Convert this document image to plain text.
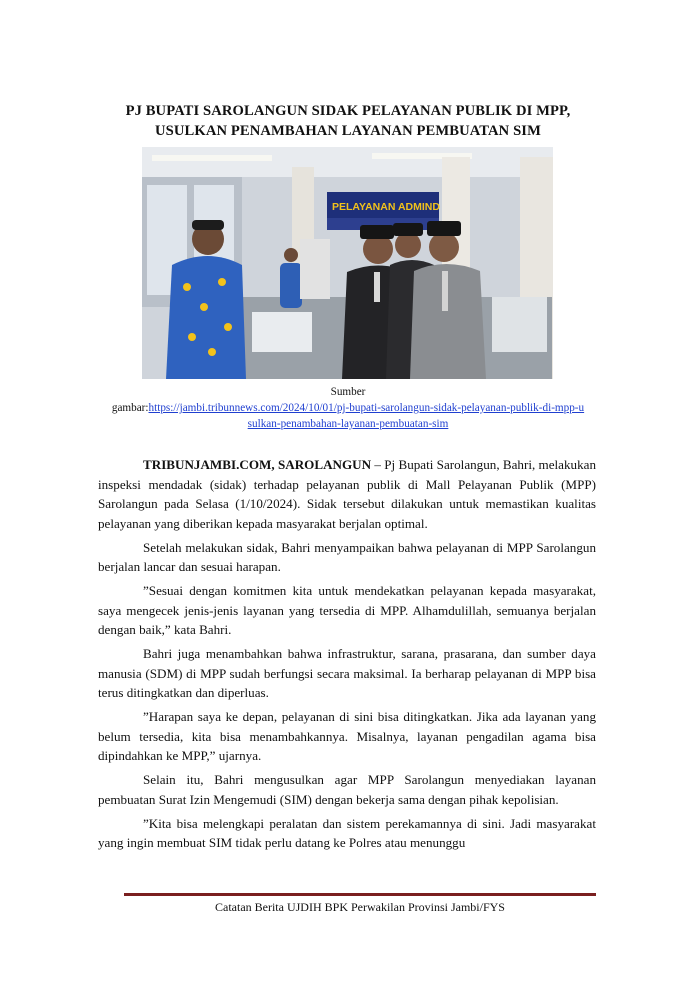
PJ BUPATI SAROLANGUN SIDAK PELAYANAN PUBLIK DI MPP,
USULKAN PENAMBAHAN LAYANAN PEMBUATAN SIM
PELAYANAN ADMIND
Sumber
gambar:https://jambi.tribunnews.com/2024/10/01/pj-bupati-sarolangun-sidak-pelayanan-publik-di-mpp-u
sulkan-penambahan-layanan-pembuatan-sim

TRIBUNJAMBI.COM, SAROLANGUN – Pj Bupati Sarolangun, Bahri, melakukan inspeksi mendadak (sidak) terhadap pelayanan publik di Mall Pelayanan Publik (MPP) Sarolangun pada Selasa (1/10/2024). Sidak tersebut dilakukan untuk memastikan kualitas pelayanan yang diberikan kepada masyarakat berjalan optimal.

Setelah melakukan sidak, Bahri menyampaikan bahwa pelayanan di MPP Sarolangun berjalan lancar dan sesuai harapan.

”Sesuai dengan komitmen kita untuk mendekatkan pelayanan kepada masyarakat, saya mengecek jenis-jenis layanan yang tersedia di MPP. Alhamdulillah, semuanya berjalan dengan baik,” kata Bahri.

Bahri juga menambahkan bahwa infrastruktur, sarana, prasarana, dan sumber daya manusia (SDM) di MPP sudah berfungsi secara maksimal. Ia berharap pelayanan di MPP bisa terus ditingkatkan dan diperluas.

”Harapan saya ke depan, pelayanan di sini bisa ditingkatkan. Jika ada layanan yang belum tersedia, kita bisa menambahkannya. Misalnya, layanan pengadilan agama bisa dipindahkan ke MPP,” ujarnya.

Selain itu, Bahri mengusulkan agar MPP Sarolangun menyediakan layanan pembuatan Surat Izin Mengemudi (SIM) dengan bekerja sama dengan pihak kepolisian.

”Kita bisa melengkapi peralatan dan sistem perekamannya di sini. Jadi masyarakat yang ingin membuat SIM tidak perlu datang ke Polres atau menunggu

Catatan Berita UJDIH BPK Perwakilan Provinsi Jambi/FYS
